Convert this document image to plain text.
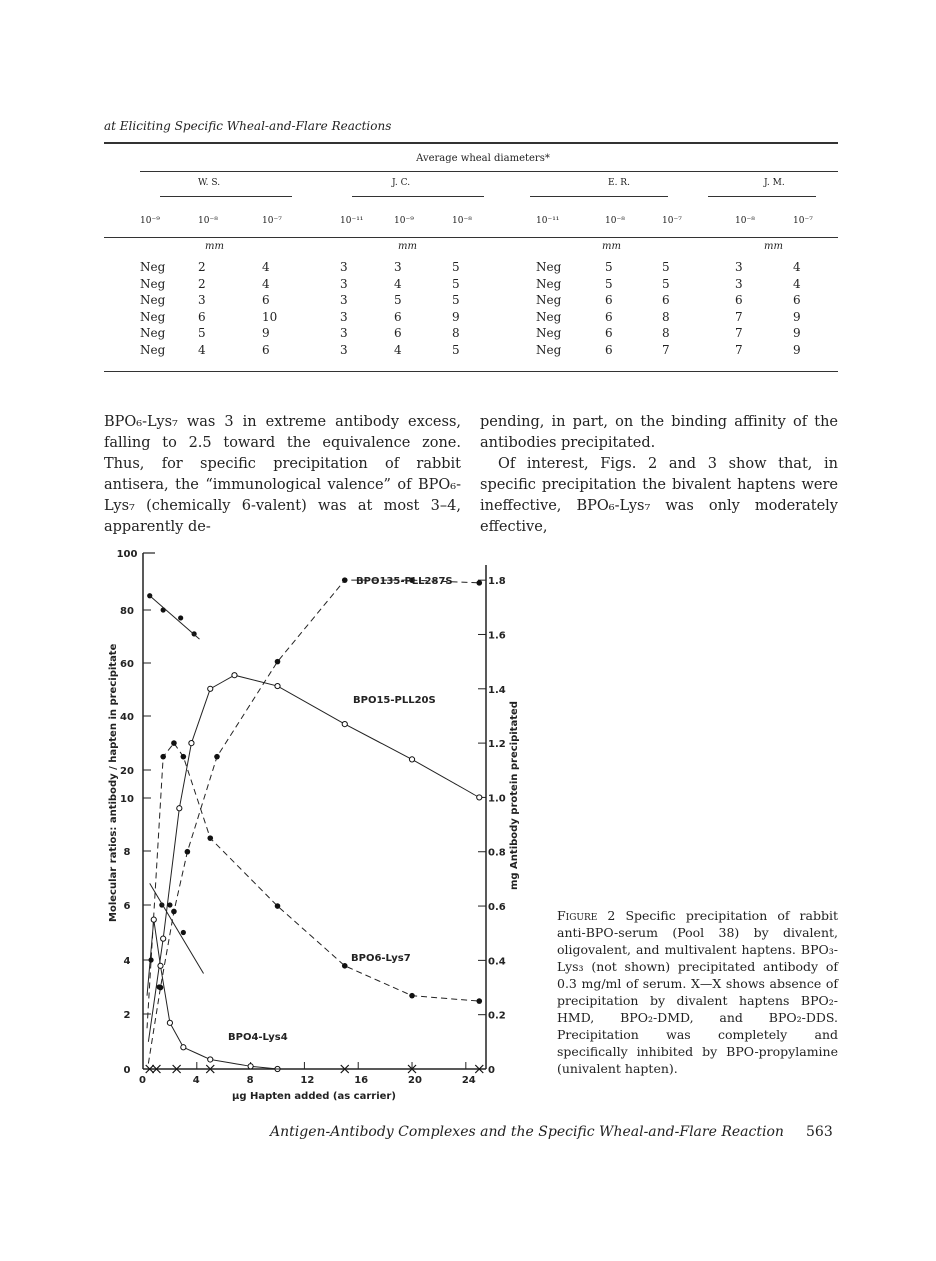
at Eliciting Specific Wheal-and-Flare Reactions
Average wheal diameters*
W. S.	J. C.	E. R.	J. M.
10⁻⁹	10⁻⁸	10⁻⁷	10⁻¹¹	10⁻⁹	10⁻⁸	10⁻¹¹	10⁻⁸	10⁻⁷	10⁻⁸	10⁻⁷
mm	mm	mm	mm
Neg	2	4	3	3	5	Neg	5	5	3	4
Neg	2	4	3	4	5	Neg	5	5	3	4
Neg	3	6	3	5	5	Neg	6	6	6	6
Neg	6	10	3	6	9	Neg	6	8	7	9
Neg	5	9	3	6	8	Neg	6	8	7	9
Neg	4	6	3	4	5	Neg	6	7	7	9

BPO₆-Lys₇ was 3 in extreme antibody excess, falling to 2.5 toward the equivalence zone. Thus, for specific precipitation of rabbit antisera, the “immunological valence” of BPO₆-Lys₇ (chemically 6-valent) was at most 3–4, apparently de-

pending, in part, on the binding affinity of the antibodies precipitated.

Of interest, Figs. 2 and 3 show that, in specific precipitation the bivalent haptens were ineffective, BPO₆-Lys₇ was only moderately effective,

0	4	8	12	16	20	24
0
2
4
6
8
10
20
40
60
80
100
0
0.2
0.4
0.6
0.8
1.0
1.2
1.4
1.6
1.8
µg Hapten added (as carrier)
Molecular ratios: antibody / hapten in precipitate	mg Antibody protein precipitated
BPO135-PLL287S
BPO15-PLL20S
BPO6-Lys7
BPO4-Lys4
Figure 2 Specific precipitation of rabbit anti-BPO-serum (Pool 38) by divalent, oligovalent, and multivalent haptens. BPO₃-Lys₃ (not shown) precipitated antibody of 0.3 mg/ml of serum. X—X shows absence of precipitation by divalent haptens BPO₂-HMD, BPO₂-DMD, and BPO₂-DDS. Precipitation was completely and specifically inhibited by BPO-propylamine (univalent hapten).
Antigen-Antibody Complexes and the Specific Wheal-and-Flare Reaction 563
